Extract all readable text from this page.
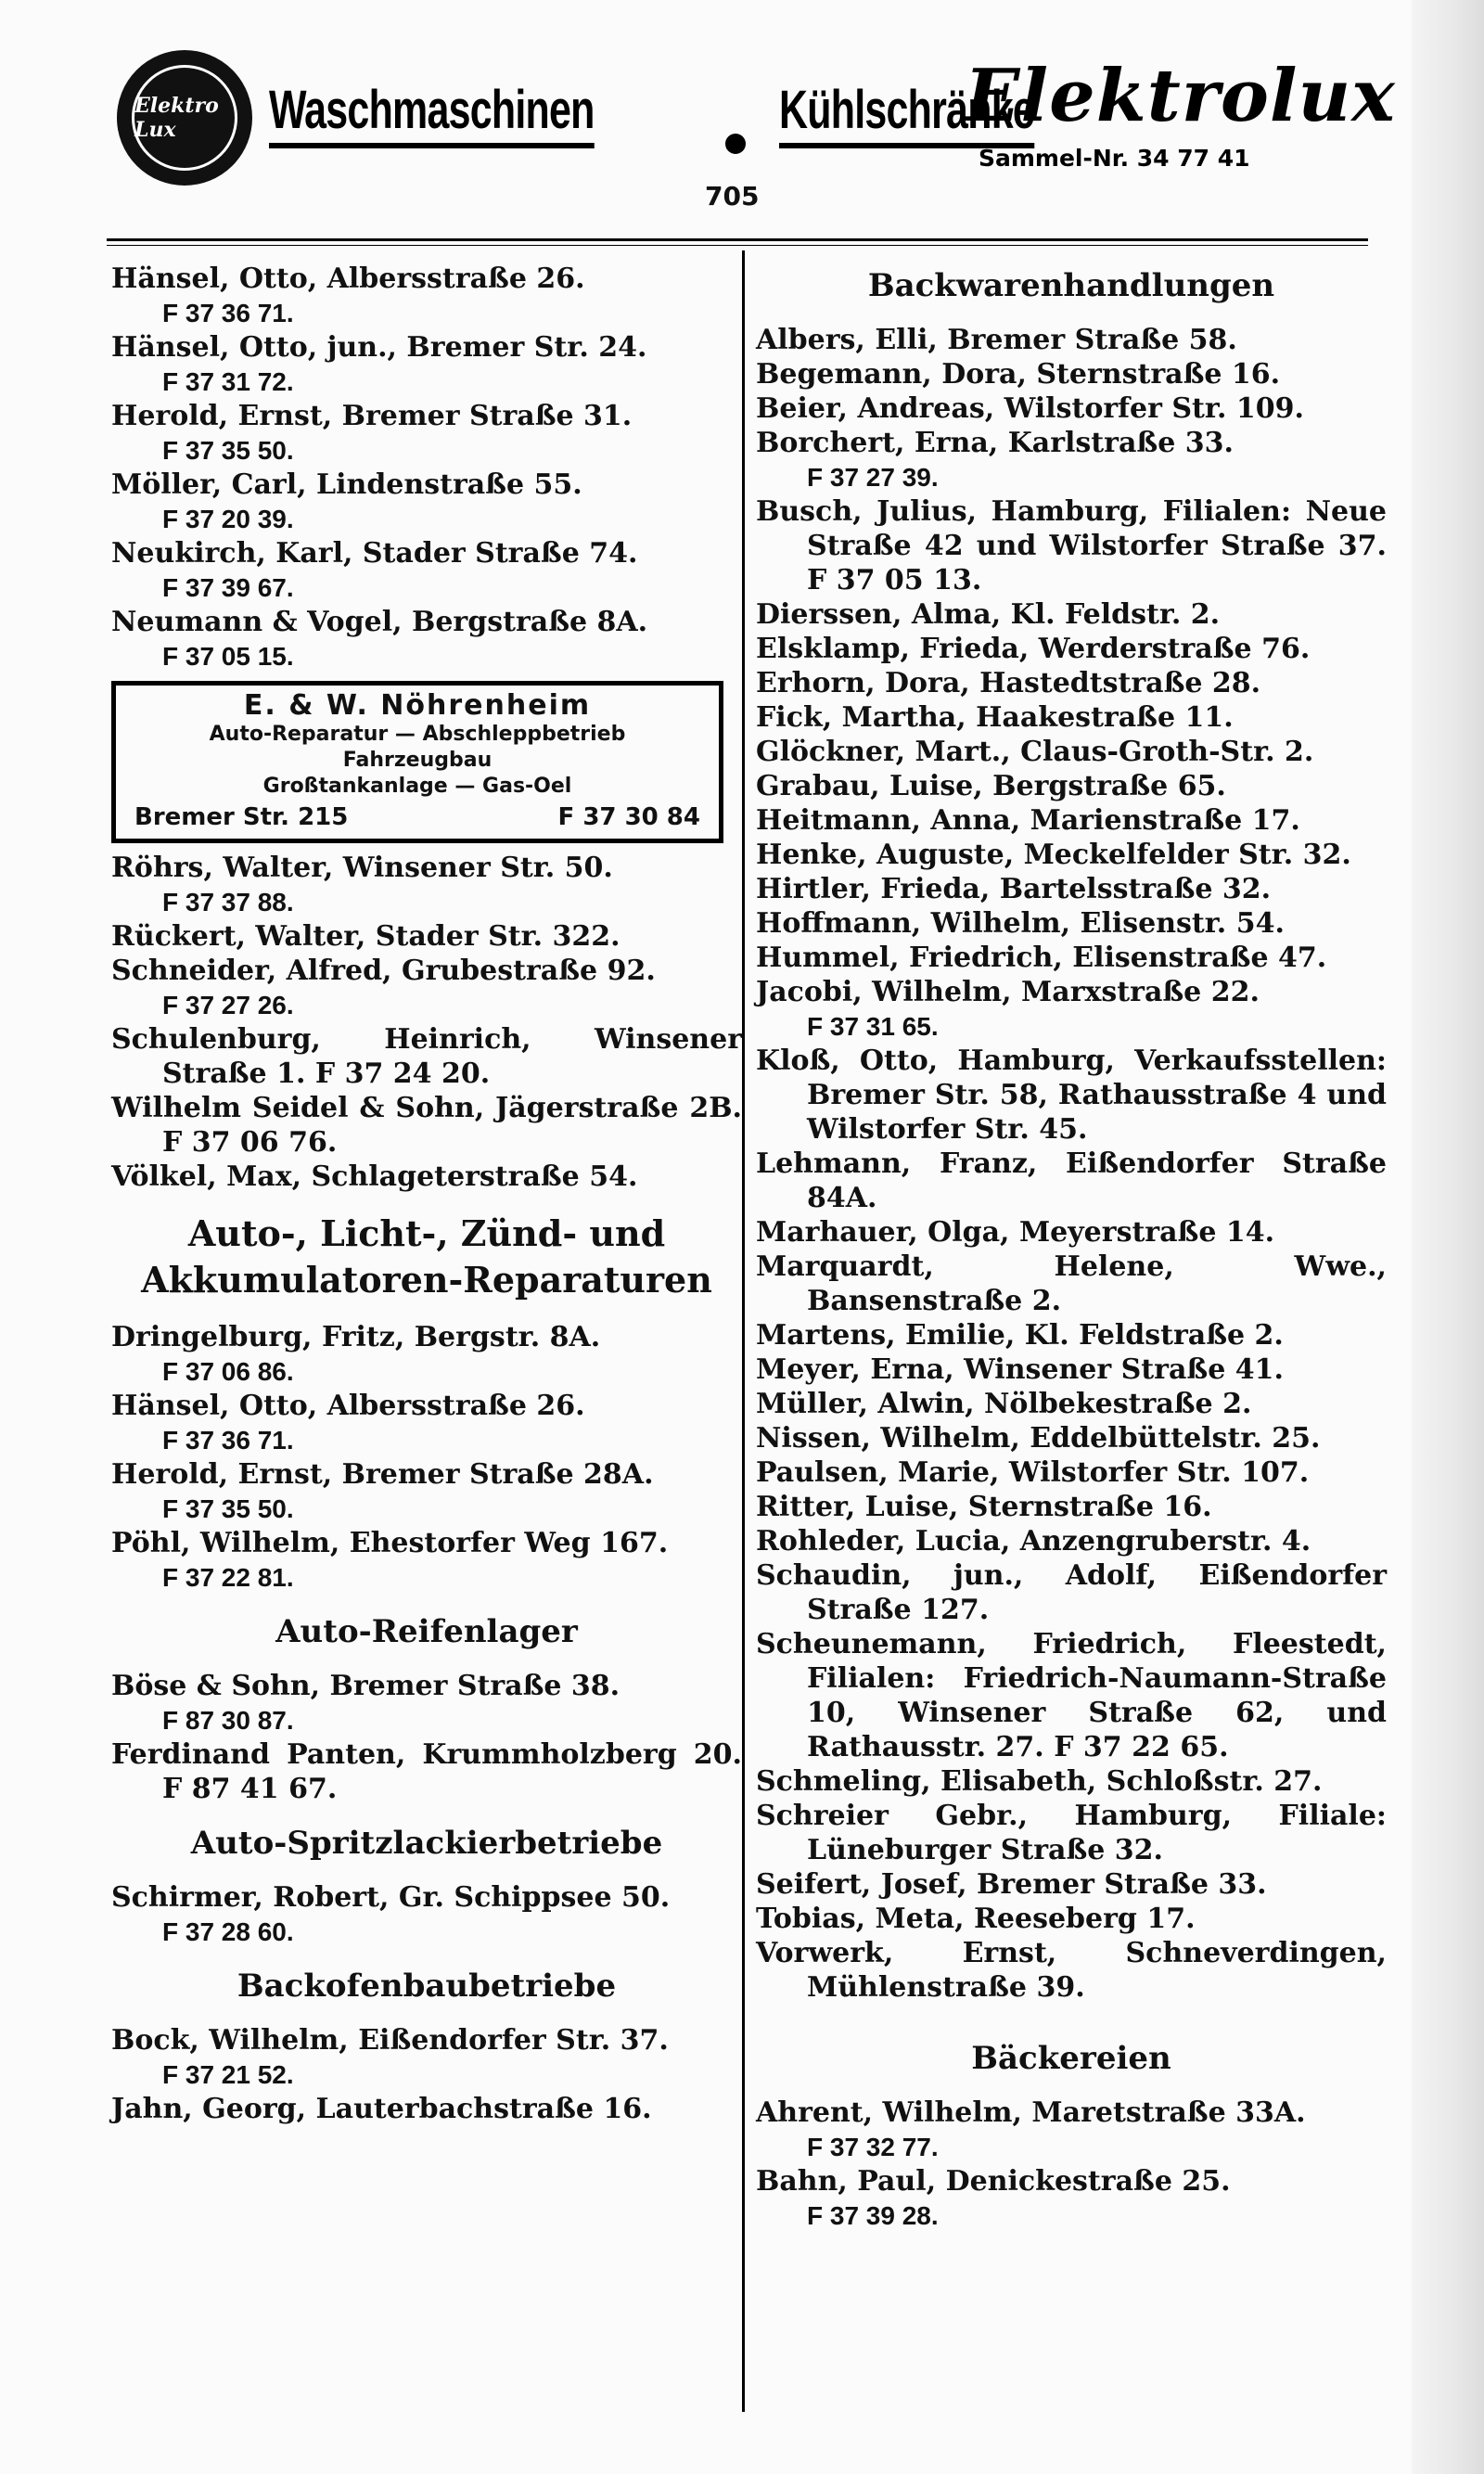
Elektro Lux	Waschmaschinen	Kühlschränke
Elektrolux
Sammel-Nr. 34 77 41
705

Hänsel, Otto, Albersstraße 26.
F 37 36 71.

Hänsel, Otto, jun., Bremer Str. 24.
F 37 31 72.

Herold, Ernst, Bremer Straße 31.
F 37 35 50.

Möller, Carl, Lindenstraße 55.
F 37 20 39.

Neukirch, Karl, Stader Straße 74.
F 37 39 67.

Neumann & Vogel, Bergstraße 8A.
F 37 05 15.

E. & W. Nöhrenheim
Auto-Reparatur — Abschleppbetrieb
Fahrzeugbau
Großtankanlage — Gas-Oel
Bremer Str. 215	F 37 30 84

Röhrs, Walter, Winsener Str. 50.
F 37 37 88.

Rückert, Walter, Stader Str. 322.

Schneider, Alfred, Grubestraße 92.
F 37 27 26.

Schulenburg, Heinrich, Winsener Straße 1. F 37 24 20.

Wilhelm Seidel & Sohn, Jägerstraße 2B. F 37 06 76.

Völkel, Max, Schlageterstraße 54.

Auto-, Licht-, Zünd- und
Akkumulatoren-Reparaturen

Dringelburg, Fritz, Bergstr. 8A.
F 37 06 86.

Hänsel, Otto, Albersstraße 26.
F 37 36 71.

Herold, Ernst, Bremer Straße 28A.
F 37 35 50.

Pöhl, Wilhelm, Ehestorfer Weg 167.
F 37 22 81.

Auto-Reifenlager

Böse & Sohn, Bremer Straße 38.
F 87 30 87.

Ferdinand Panten, Krummholzberg 20. F 87 41 67.

Auto-Spritzlackierbetriebe

Schirmer, Robert, Gr. Schippsee 50.
F 37 28 60.

Backofenbaubetriebe

Bock, Wilhelm, Eißendorfer Str. 37.
F 37 21 52.

Jahn, Georg, Lauterbachstraße 16.

Backwarenhandlungen

Albers, Elli, Bremer Straße 58.

Begemann, Dora, Sternstraße 16.

Beier, Andreas, Wilstorfer Str. 109.

Borchert, Erna, Karlstraße 33.
F 37 27 39.

Busch, Julius, Hamburg, Filialen: Neue Straße 42 und Wilstorfer Straße 37. F 37 05 13.

Dierssen, Alma, Kl. Feldstr. 2.

Elsklamp, Frieda, Werderstraße 76.

Erhorn, Dora, Hastedtstraße 28.

Fick, Martha, Haakestraße 11.

Glöckner, Mart., Claus-Groth-Str. 2.

Grabau, Luise, Bergstraße 65.

Heitmann, Anna, Marienstraße 17.

Henke, Auguste, Meckelfelder Str. 32.

Hirtler, Frieda, Bartelsstraße 32.

Hoffmann, Wilhelm, Elisenstr. 54.

Hummel, Friedrich, Elisenstraße 47.

Jacobi, Wilhelm, Marxstraße 22.
F 37 31 65.

Kloß, Otto, Hamburg, Verkaufsstellen: Bremer Str. 58, Rathausstraße 4 und Wilstorfer Str. 45.

Lehmann, Franz, Eißendorfer Straße 84A.

Marhauer, Olga, Meyerstraße 14.

Marquardt, Helene, Wwe., Bansenstraße 2.

Martens, Emilie, Kl. Feldstraße 2.

Meyer, Erna, Winsener Straße 41.

Müller, Alwin, Nölbekestraße 2.

Nissen, Wilhelm, Eddelbüttelstr. 25.

Paulsen, Marie, Wilstorfer Str. 107.

Ritter, Luise, Sternstraße 16.

Rohleder, Lucia, Anzengruberstr. 4.

Schaudin, jun., Adolf, Eißendorfer Straße 127.

Scheunemann, Friedrich, Fleestedt, Filialen: Friedrich-Naumann-Straße 10, Winsener Straße 62, und Rathausstr. 27. F 37 22 65.

Schmeling, Elisabeth, Schloßstr. 27.

Schreier Gebr., Hamburg, Filiale: Lüneburger Straße 32.

Seifert, Josef, Bremer Straße 33.

Tobias, Meta, Reeseberg 17.

Vorwerk, Ernst, Schneverdingen, Mühlenstraße 39.

Bäckereien

Ahrent, Wilhelm, Maretstraße 33A.
F 37 32 77.

Bahn, Paul, Denickestraße 25.
F 37 39 28.
